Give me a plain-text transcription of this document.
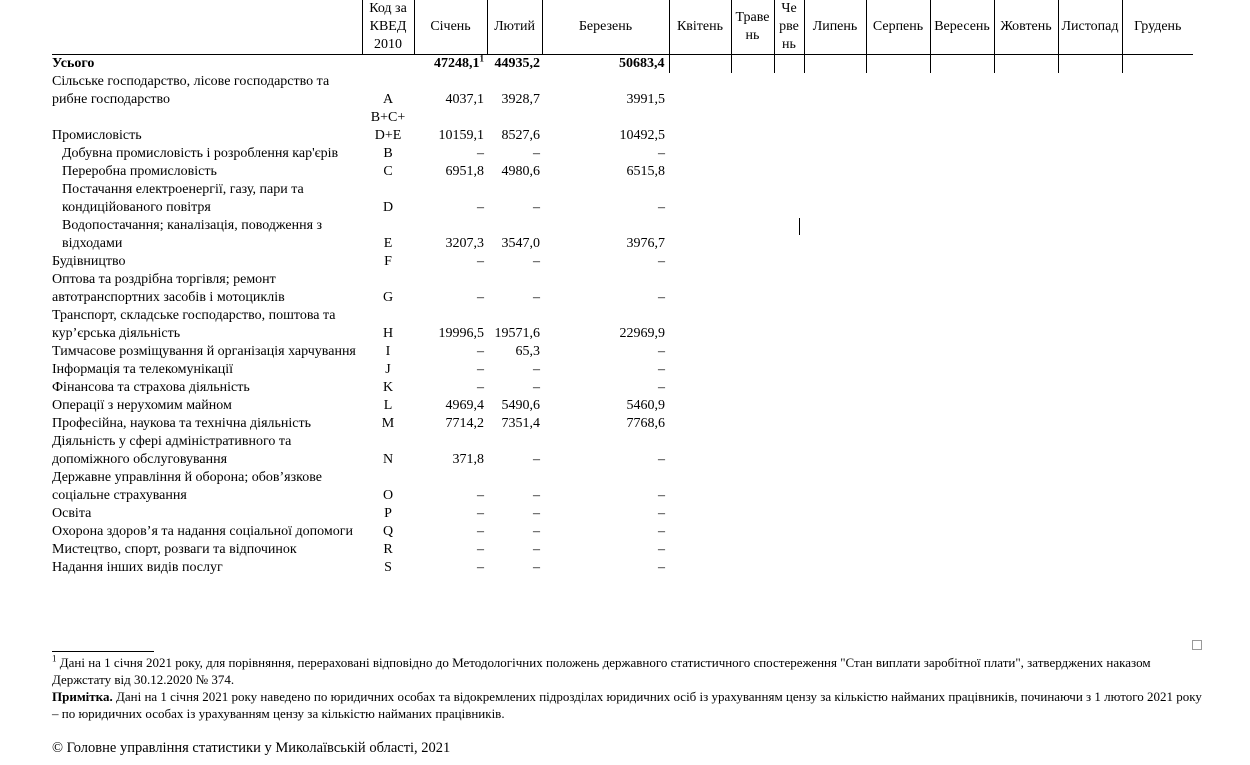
	Код за КВЕД 2010	Січень	Лютий	Березень	Квітень	Траве нь	Че рве нь	Липень	Серпень	Вересень	Жовтень	Листопад	Грудень
Усього		47248,1$^1$	44935,2	50683,4									
Сільське господарство, лісове господарство та рибне господарство	A	4037,1	3928,7	3991,5									
Промисловість	B+C+ D+E	10159,1	8527,6	10492,5									
Добувна промисловість і розроблення кар'єрів	B	–	–	–									
Переробна промисловість	C	6951,8	4980,6	6515,8									
Постачання електроенергії, газу, пари та кондиційованого повітря	D	–	–	–									
Водопостачання; каналізація, поводження з відходами	E	3207,3	3547,0	3976,7									
Будівництво	F	–	–	–									
Оптова та роздрібна торгівля; ремонт автотранспортних засобів і мотоциклів	G	–	–	–									
Транспорт, складське господарство, поштова та кур’єрська діяльність	H	19996,5	19571,6	22969,9									
Тимчасове розміщування й організація харчування	I	–	65,3	–									
Інформація та телекомунікації	J	–	–	–									
Фінансова та страхова діяльність	K	–	–	–									
Операції з нерухомим майном	L	4969,4	5490,6	5460,9									
Професійна, наукова та технічна діяльність	M	7714,2	7351,4	7768,6									
Діяльність у сфері адміністративного та допоміжного обслуговування	N	371,8	–	–									
Державне управління й оборона; обов’язкове соціальне страхування	O	–	–	–									
Освіта	P	–	–	–									
Охорона здоров’я та надання соціальної допомоги	Q	–	–	–									
Мистецтво, спорт, розваги та відпочинок	R	–	–	–									
Надання інших видів послуг	S	–	–	–									
$^1$ Дані на 1 січня 2021 року, для порівняння, перераховані відповідно до Методологічних положень державного статистичного спостереження "Стан виплати заробітної плати", затверджених наказом Держстату від 30.12.2020 № 374.
Примітка. Дані на 1 січня 2021 року наведено по юридичних особах та відокремлених підрозділах юридичних осіб із урахуванням цензу за кількістю найманих працівників, починаючи з 1 лютого 2021 року – по юридичних особах із урахуванням цензу за кількістю найманих працівників.
© Головне управління статистики у Миколаївській області, 2021
